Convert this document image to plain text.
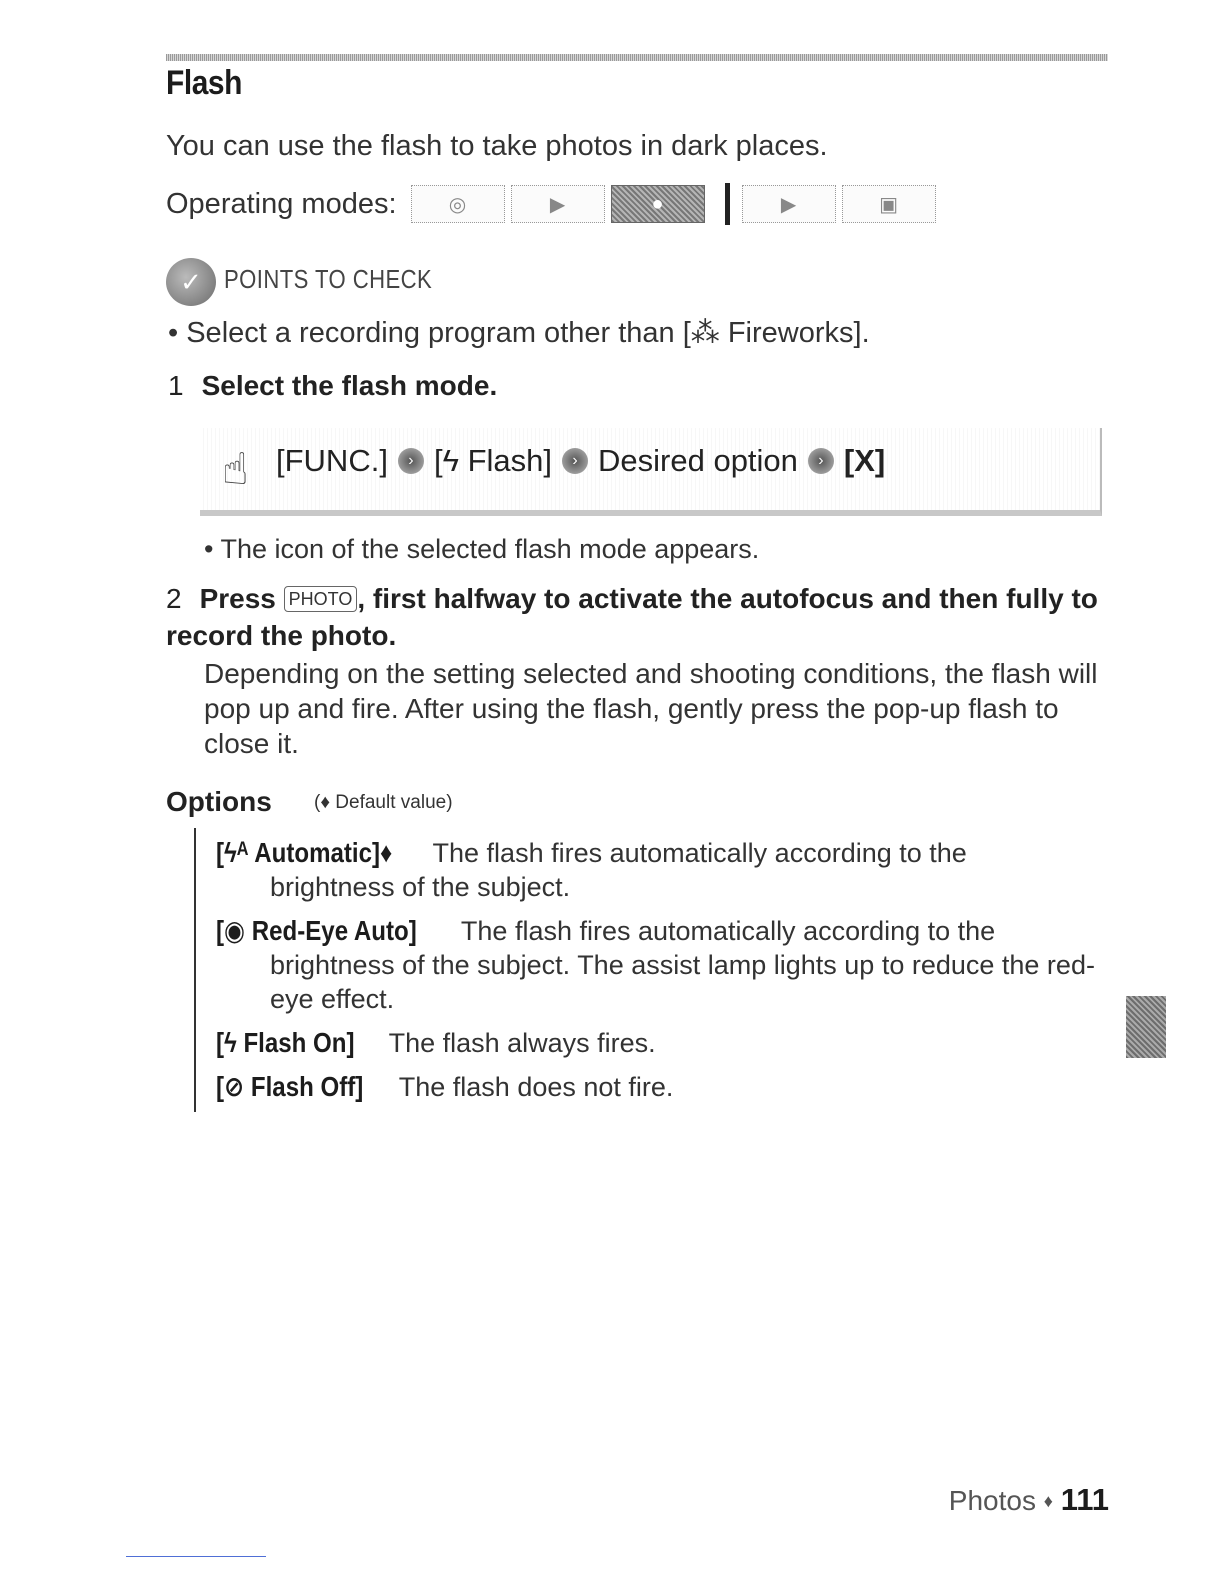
Flash
You can use the flash to take photos in dark places.
Operating modes:	◎	▶	●	▶	▣
✓ POINTS TO CHECK
• Select a recording program other than [⁂ Fireworks].
1 Select the flash mode.
☝ [FUNC.]	› [ϟ Flash]	› Desired option	› [X]
• The icon of the selected flash mode appears.
2 Press PHOTO , first halfway to activate the autofocus and then fully to record the photo.
Depending on the setting selected and shooting conditions, the flash will pop up and fire. After using the flash, gently press the pop-up flash to close it.
Options (♦ Default value)
[ϟᴬ Automatic]♦ The flash fires automatically according to the
brightness of the subject.
[◉ Red-Eye Auto] The flash fires automatically according to the
brightness of the subject. The assist lamp lights up to reduce the red-eye effect.
[ϟ Flash On] The flash always fires.
[⊘ Flash Off] The flash does not fire.
Photos ♦ 111
